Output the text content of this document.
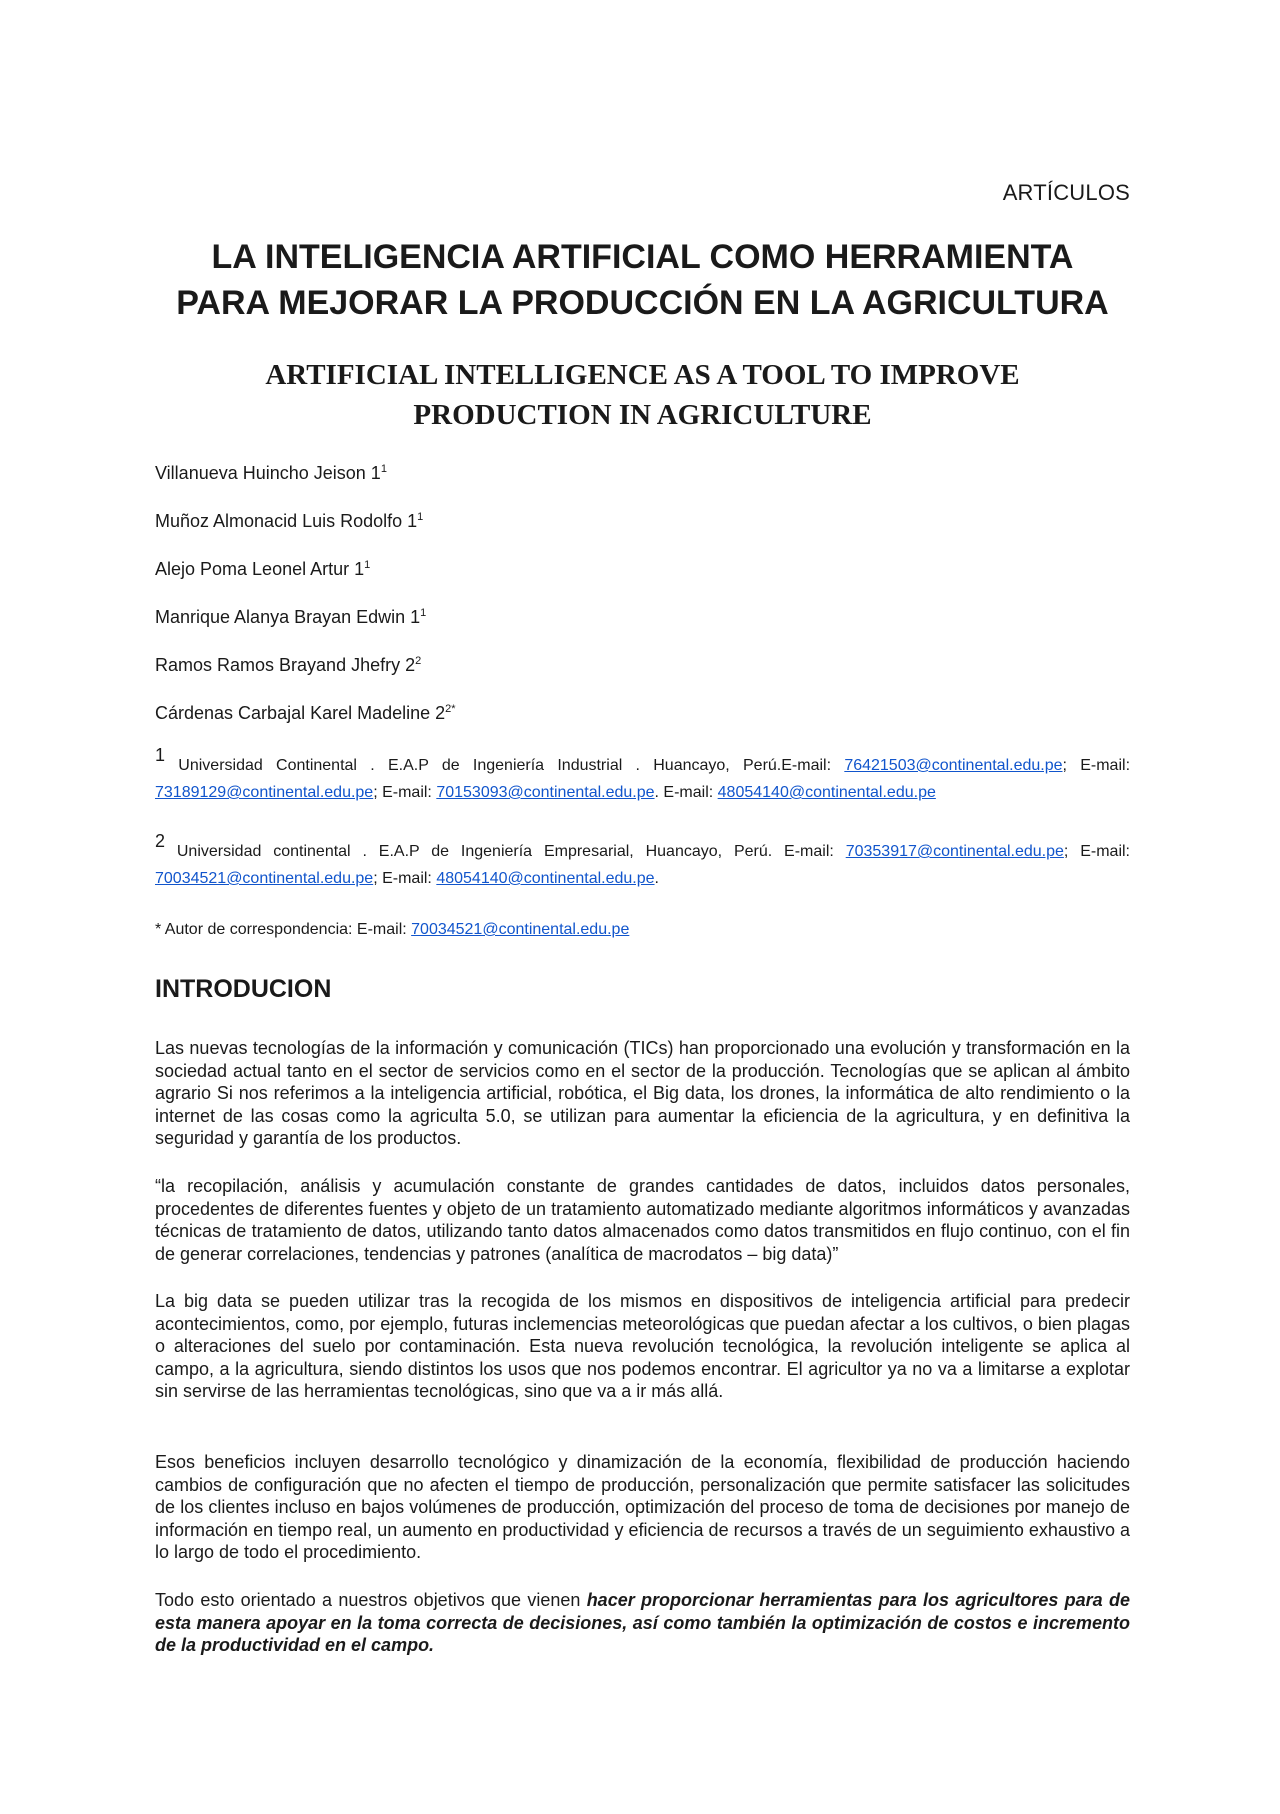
ARTÍCULOS
LA INTELIGENCIA ARTIFICIAL COMO HERRAMIENTA
PARA MEJORAR LA PRODUCCIÓN EN LA AGRICULTURA
ARTIFICIAL INTELLIGENCE AS A TOOL TO IMPROVE
PRODUCTION IN AGRICULTURE
Villanueva Huincho Jeison $1^1$
Muñoz Almonacid Luis Rodolfo $1^1$
Alejo Poma Leonel Artur $1^1$
Manrique Alanya Brayan Edwin $1^1$
Ramos Ramos Brayand Jhefry $2^2$
Cárdenas Carbajal Karel Madeline $2^{2*}$
$^1$ Universidad Continental . E.A.P de Ingeniería Industrial . Huancayo, Perú.E-mail: 76421503@continental.edu.pe; E-mail: 73189129@continental.edu.pe; E-mail: 70153093@continental.edu.pe. E-mail: 48054140@continental.edu.pe
$^2$ Universidad continental . E.A.P de Ingeniería Empresarial, Huancayo, Perú. E-mail: 70353917@continental.edu.pe; E-mail: 70034521@continental.edu.pe; E-mail: 48054140@continental.edu.pe.
* Autor de correspondencia: E-mail: 70034521@continental.edu.pe
INTRODUCION

Las nuevas tecnologías de la información y comunicación (TICs) han proporcionado una evolución y transformación en la sociedad actual tanto en el sector de servicios como en el sector de la producción. Tecnologías que se aplican al ámbito agrario Si nos referimos a la inteligencia artificial, robótica, el Big data, los drones, la informática de alto rendimiento o la internet de las cosas como la agriculta 5.0, se utilizan para aumentar la eficiencia de la agricultura, y en definitiva la seguridad y garantía de los productos.

“la recopilación, análisis y acumulación constante de grandes cantidades de datos, incluidos datos personales, procedentes de diferentes fuentes y objeto de un tratamiento automatizado mediante algoritmos informáticos y avanzadas técnicas de tratamiento de datos, utilizando tanto datos almacenados como datos transmitidos en flujo continuo, con el fin de generar correlaciones, tendencias y patrones (analítica de macrodatos – big data)”

La big data se pueden utilizar tras la recogida de los mismos en dispositivos de inteligencia artificial para predecir acontecimientos, como, por ejemplo, futuras inclemencias meteorológicas que puedan afectar a los cultivos, o bien plagas o alteraciones del suelo por contaminación. Esta nueva revolución tecnológica, la revolución inteligente se aplica al campo, a la agricultura, siendo distintos los usos que nos podemos encontrar. El agricultor ya no va a limitarse a explotar sin servirse de las herramientas tecnológicas, sino que va a ir más allá.

Esos beneficios incluyen desarrollo tecnológico y dinamización de la economía, flexibilidad de producción haciendo cambios de configuración que no afecten el tiempo de producción, personalización que permite satisfacer las solicitudes de los clientes incluso en bajos volúmenes de producción, optimización del proceso de toma de decisiones por manejo de información en tiempo real, un aumento en productividad y eficiencia de recursos a través de un seguimiento exhaustivo a lo largo de todo el procedimiento.

Todo esto orientado a nuestros objetivos que vienen hacer proporcionar herramientas para los agricultores para de esta manera apoyar en la toma correcta de decisiones, así como también la optimización de costos e incremento de la productividad en el campo.
